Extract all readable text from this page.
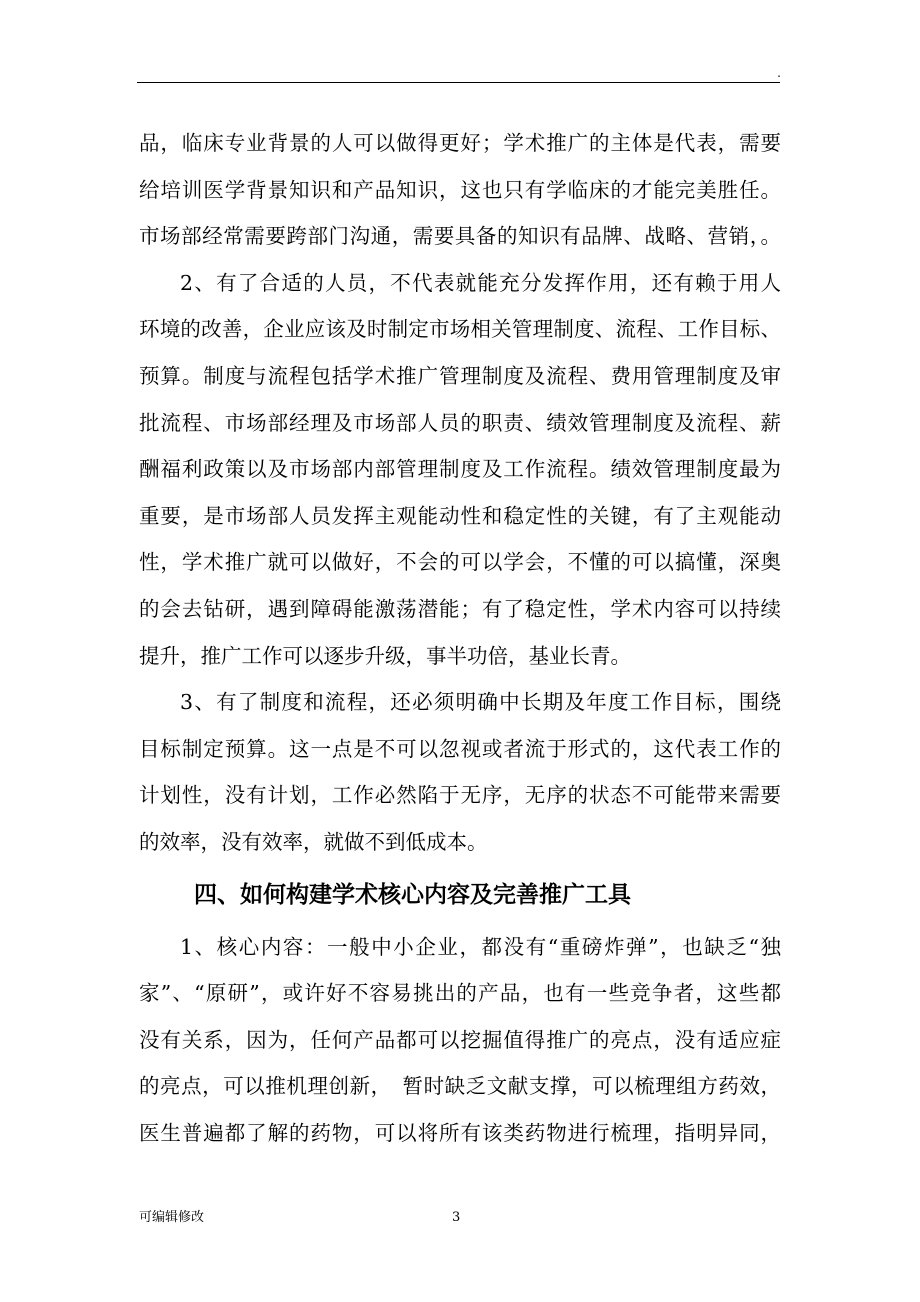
.
品，临床专业背景的人可以做得更好；学术推广的主体是代表，需要
给培训医学背景知识和产品知识，这也只有学临床的才能完美胜任。
市场部经常需要跨部门沟通，需要具备的知识有品牌、战略、营销，。
2、有了合适的人员，不代表就能充分发挥作用，还有赖于用人
环境的改善，企业应该及时制定市场相关管理制度、流程、工作目标、
预算。制度与流程包括学术推广管理制度及流程、费用管理制度及审
批流程、市场部经理及市场部人员的职责、绩效管理制度及流程、薪
酬福利政策以及市场部内部管理制度及工作流程。绩效管理制度最为
重要，是市场部人员发挥主观能动性和稳定性的关键，有了主观能动
性，学术推广就可以做好，不会的可以学会，不懂的可以搞懂，深奥
的会去钻研，遇到障碍能激荡潜能；有了稳定性，学术内容可以持续
提升，推广工作可以逐步升级，事半功倍，基业长青。
3、有了制度和流程，还必须明确中长期及年度工作目标，围绕
目标制定预算。这一点是不可以忽视或者流于形式的，这代表工作的
计划性，没有计划，工作必然陷于无序，无序的状态不可能带来需要
的效率，没有效率，就做不到低成本。
四、如何构建学术核心内容及完善推广工具
1、核心内容：一般中小企业，都没有“重磅炸弹”，也缺乏“独
家”、“原研”，或许好不容易挑出的产品，也有一些竞争者，这些都
没有关系，因为，任何产品都可以挖掘值得推广的亮点，没有适应症
的亮点，可以推机理创新，　暂时缺乏文献支撑，可以梳理组方药效，
医生普遍都了解的药物，可以将所有该类药物进行梳理，指明异同，
可编辑修改	3
